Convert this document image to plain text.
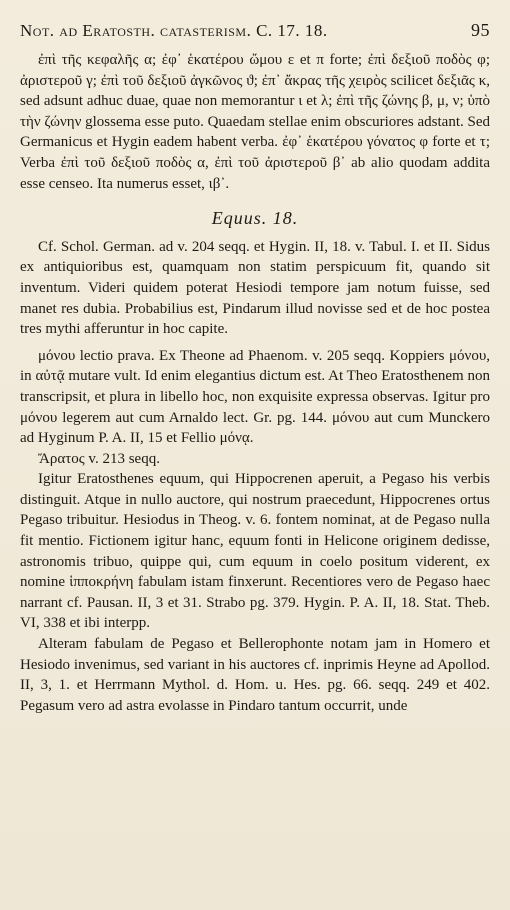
Not. ad Eratosth. catasterism. C. 17. 18.	95

ἐπὶ τῆς κεφαλῆς α; ἐφ᾽ ἑκατέρου ὤμου ε et π forte; ἐπὶ δεξιοῦ ποδὸς φ; ἀριστεροῦ γ; ἐπὶ τοῦ δεξιοῦ ἀγκῶνος ϑ; ἐπ᾽ ἄκρας τῆς χειρὸς scilicet δεξιᾶς κ, sed adsunt adhuc duae, quae non memorantur ι et λ; ἐπὶ τῆς ζώνης β, μ, ν; ὑπὸ τὴν ζώνην glossema esse puto. Quaedam stellae enim obscuriores adstant. Sed Germanicus et Hygin eadem habent verba. ἐφ᾽ ἑκατέρου γόνατος φ forte et τ; Verba ἐπὶ τοῦ δεξιοῦ ποδὸς α, ἐπὶ τοῦ ἀριστεροῦ β᾽ ab alio quodam addita esse censeo. Ita numerus esset, ιβ᾽.

Equus. 18.

Cf. Schol. German. ad v. 204 seqq. et Hygin. II, 18. v. Tabul. I. et II. Sidus ex antiquioribus est, quamquam non statim perspicuum fit, quando sit inventum. Videri quidem poterat Hesiodi tempore jam notum fuisse, sed manet res dubia. Probabilius est, Pindarum illud novisse sed et de hoc postea tres mythi afferuntur in hoc capite.

μόνου lectio prava. Ex Theone ad Phaenom. v. 205 seqq. Koppiers μόνου, in αὐτᾷ mutare vult. Id enim elegantius dictum est. At Theo Eratosthenem non transcripsit, et plura in libello hoc, non exquisite expressa observas. Igitur pro μόνου legerem aut cum Arnaldo lect. Gr. pg. 144. μόνου aut cum Munckero ad Hyginum P. A. II, 15 et Fellio μόνᾳ.

Ἄρατος v. 213 seqq.

Igitur Eratosthenes equum, qui Hippocrenen aperuit, a Pegaso his verbis distinguit. Atque in nullo auctore, qui nostrum praecedunt, Hippocrenes ortus Pegaso tribuitur. Hesiodus in Theog. v. 6. fontem nominat, at de Pegaso nulla fit mentio. Fictionem igitur hanc, equum fonti in Helicone originem dedisse, astronomis tribuo, quippe qui, cum equum in coelo positum viderent, ex nomine ἱπποκρήνη fabulam istam finxerunt. Recentiores vero de Pegaso haec narrant cf. Pausan. II, 3 et 31. Strabo pg. 379. Hygin. P. A. II, 18. Stat. Theb. VI, 338 et ibi interpp.

Alteram fabulam de Pegaso et Bellerophonte notam jam in Homero et Hesiodo invenimus, sed variant in his auctores cf. inprimis Heyne ad Apollod. II, 3, 1. et Herrmann Mythol. d. Hom. u. Hes. pg. 66. seqq. 249 et 402. Pegasum vero ad astra evolasse in Pindaro tantum occurrit, unde
